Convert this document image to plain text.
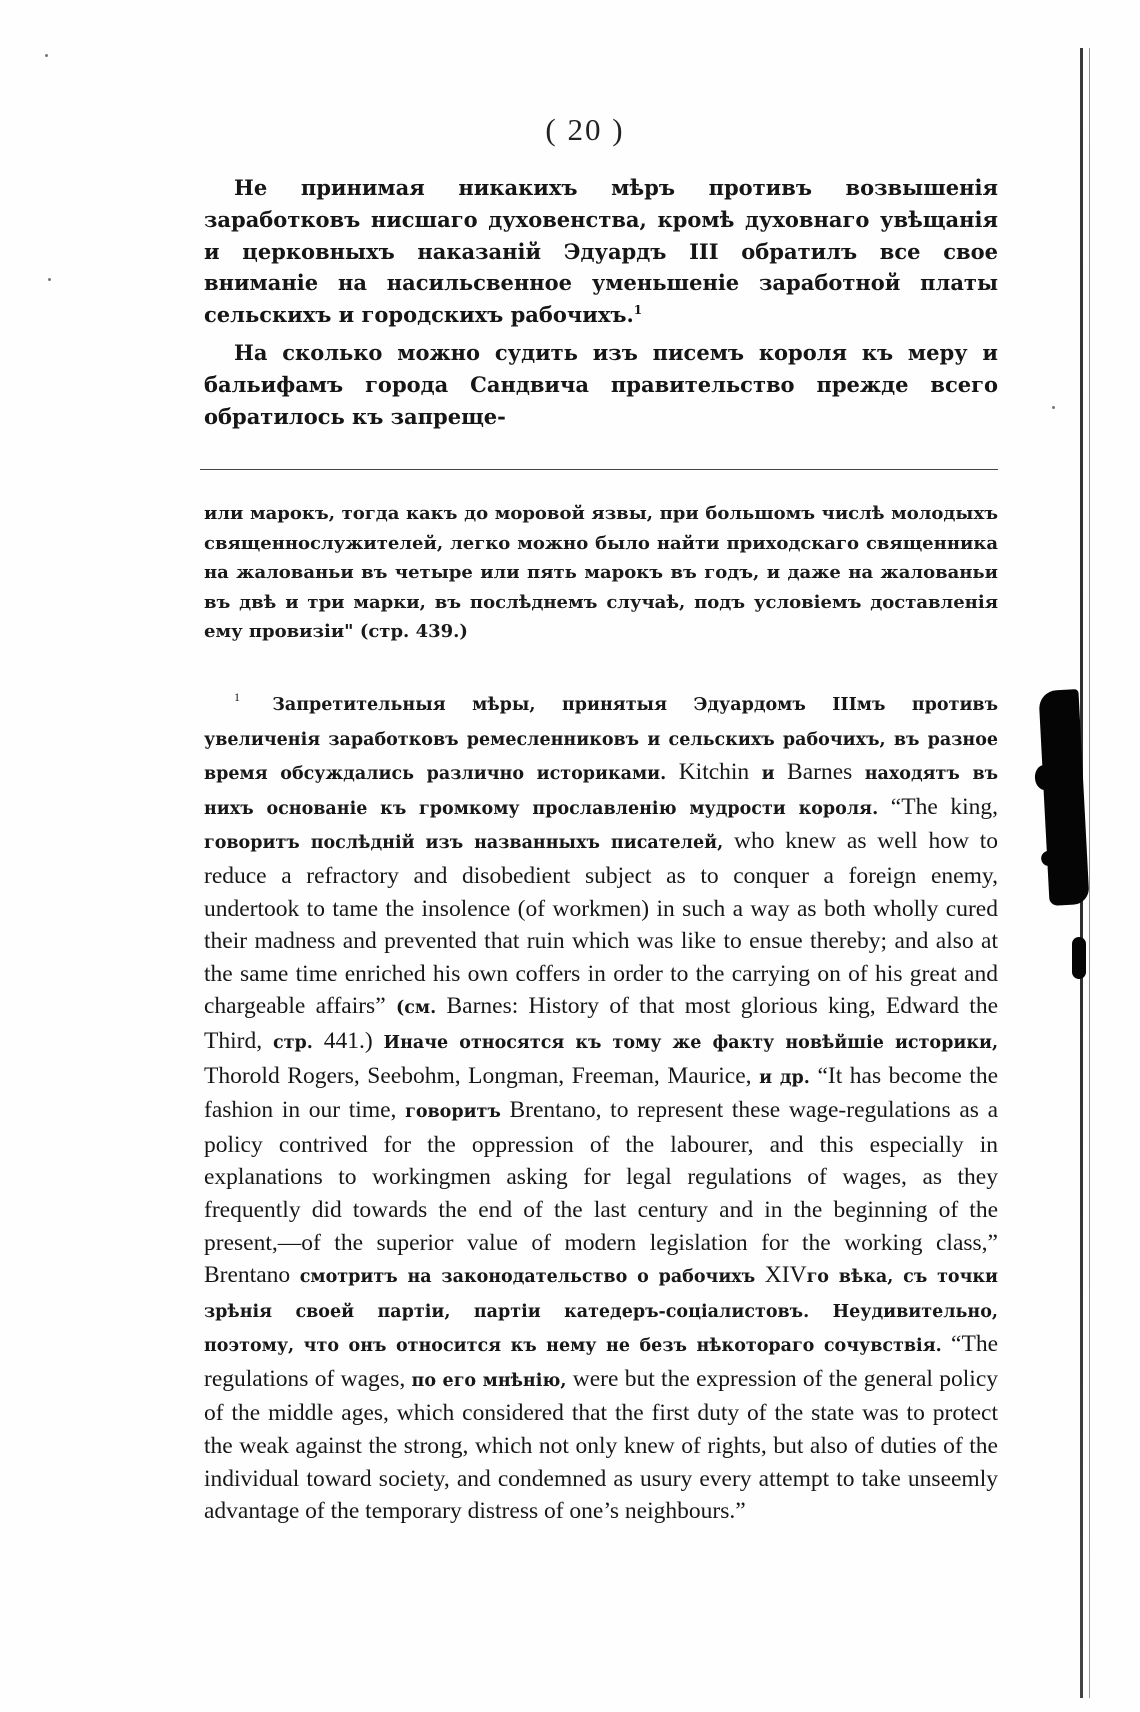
( 20 )

Не принимая никакихъ мѣръ противъ возвышенія заработковъ нисшаго духовенства, кромѣ духовнаго увѣщанія и церковныхъ наказаній Эдуардъ III обратилъ все свое вниманіе на насильсвенное уменьшеніе заработной платы сельскихъ и городскихъ рабочихъ.$^1$

На сколько можно судить изъ писемъ короля къ меру и бальифамъ города Сандвича правительство прежде всего обратилось къ запреще-

или марокъ, тогда какъ до моровой язвы, при большомъ числѣ молодыхъ священнослужителей, легко можно было найти приходскаго священника на жалованьи въ четыре или пять марокъ въ годъ, и даже на жалованьи въ двѣ и три марки, въ послѣднемъ случаѣ, подъ условіемъ доставленія ему провизіи" (стр. 439.)
$^1$ Запретительныя мѣры, принятыя Эдуардомъ IIIмъ противъ увеличенія заработковъ ремесленниковъ и сельскихъ рабочихъ, въ разное время обсуждались различно историками. Kitchin и Barnes находятъ въ нихъ основаніе къ громкому прославленію мудрости короля. “The king, говоритъ послѣдній изъ названныхъ писателей, who knew as well how to reduce a refractory and disobedient subject as to conquer a foreign enemy, undertook to tame the insolence (of workmen) in such a way as both wholly cured their madness and prevented that ruin which was like to ensue thereby; and also at the same time enriched his own coffers in order to the carrying on of his great and chargeable affairs” (см. Barnes: History of that most glorious king, Edward the Third, стр. 441.) Иначе относятся къ тому же факту новѣйшіе историки, Thorold Rogers, Seebohm, Longman, Freeman, Maurice, и др. “It has become the fashion in our time, говоритъ Brentano, to represent these wage-regulations as a policy contrived for the oppression of the labourer, and this especially in explanations to workingmen asking for legal regulations of wages, as they frequently did towards the end of the last century and in the beginning of the present,—of the superior value of modern legislation for the working class,” Brentano смотритъ на законодательство о рабочихъ XIVго вѣка, съ точки зрѣнія своей партіи, партіи катедеръ-соціалистовъ. Неудивительно, поэтому, что онъ относится къ нему не безъ нѣкотораго сочувствія. “The regulations of wages, по его мнѣнію, were but the expression of the general policy of the middle ages, which considered that the first duty of the state was to protect the weak against the strong, which not only knew of rights, but also of duties of the individual toward society, and condemned as usury every attempt to take unseemly advantage of the temporary distress of one’s neighbours.”
